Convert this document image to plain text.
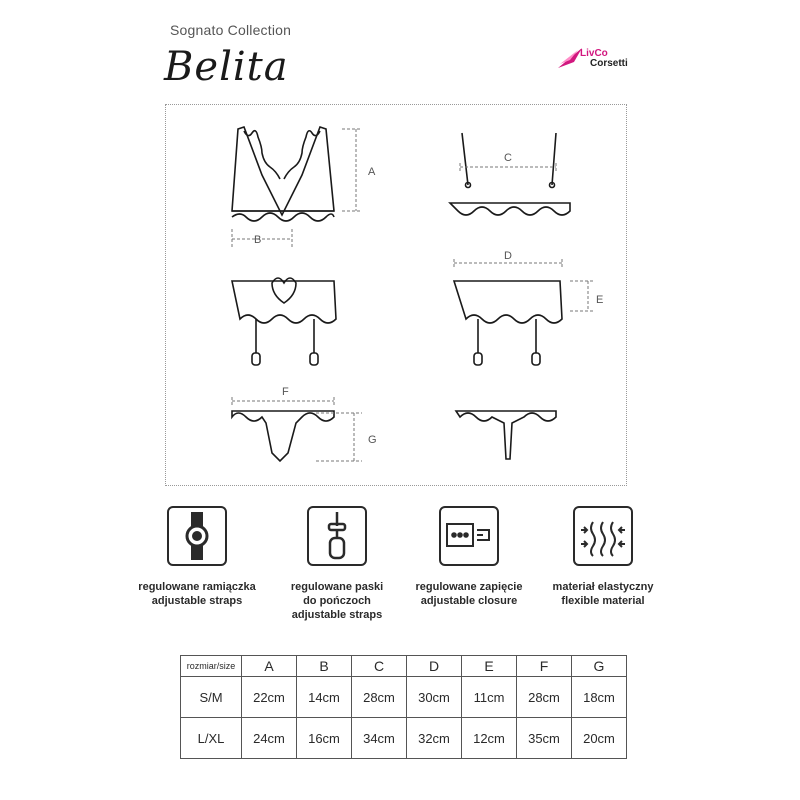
Sognato Collection
Belita	LivCo
Corsetti
A
B
C
D
E
F
G
regulowane ramiączka
adjustable straps
regulowane paski
do pończoch
adjustable straps
regulowane zapięcie
adjustable closure
materiał elastyczny
flexible material
rozmiar/size	A	B	C	D	E	F	G
S/M	22cm	14cm	28cm	30cm	11cm	28cm	18cm
L/XL	24cm	16cm	34cm	32cm	12cm	35cm	20cm
